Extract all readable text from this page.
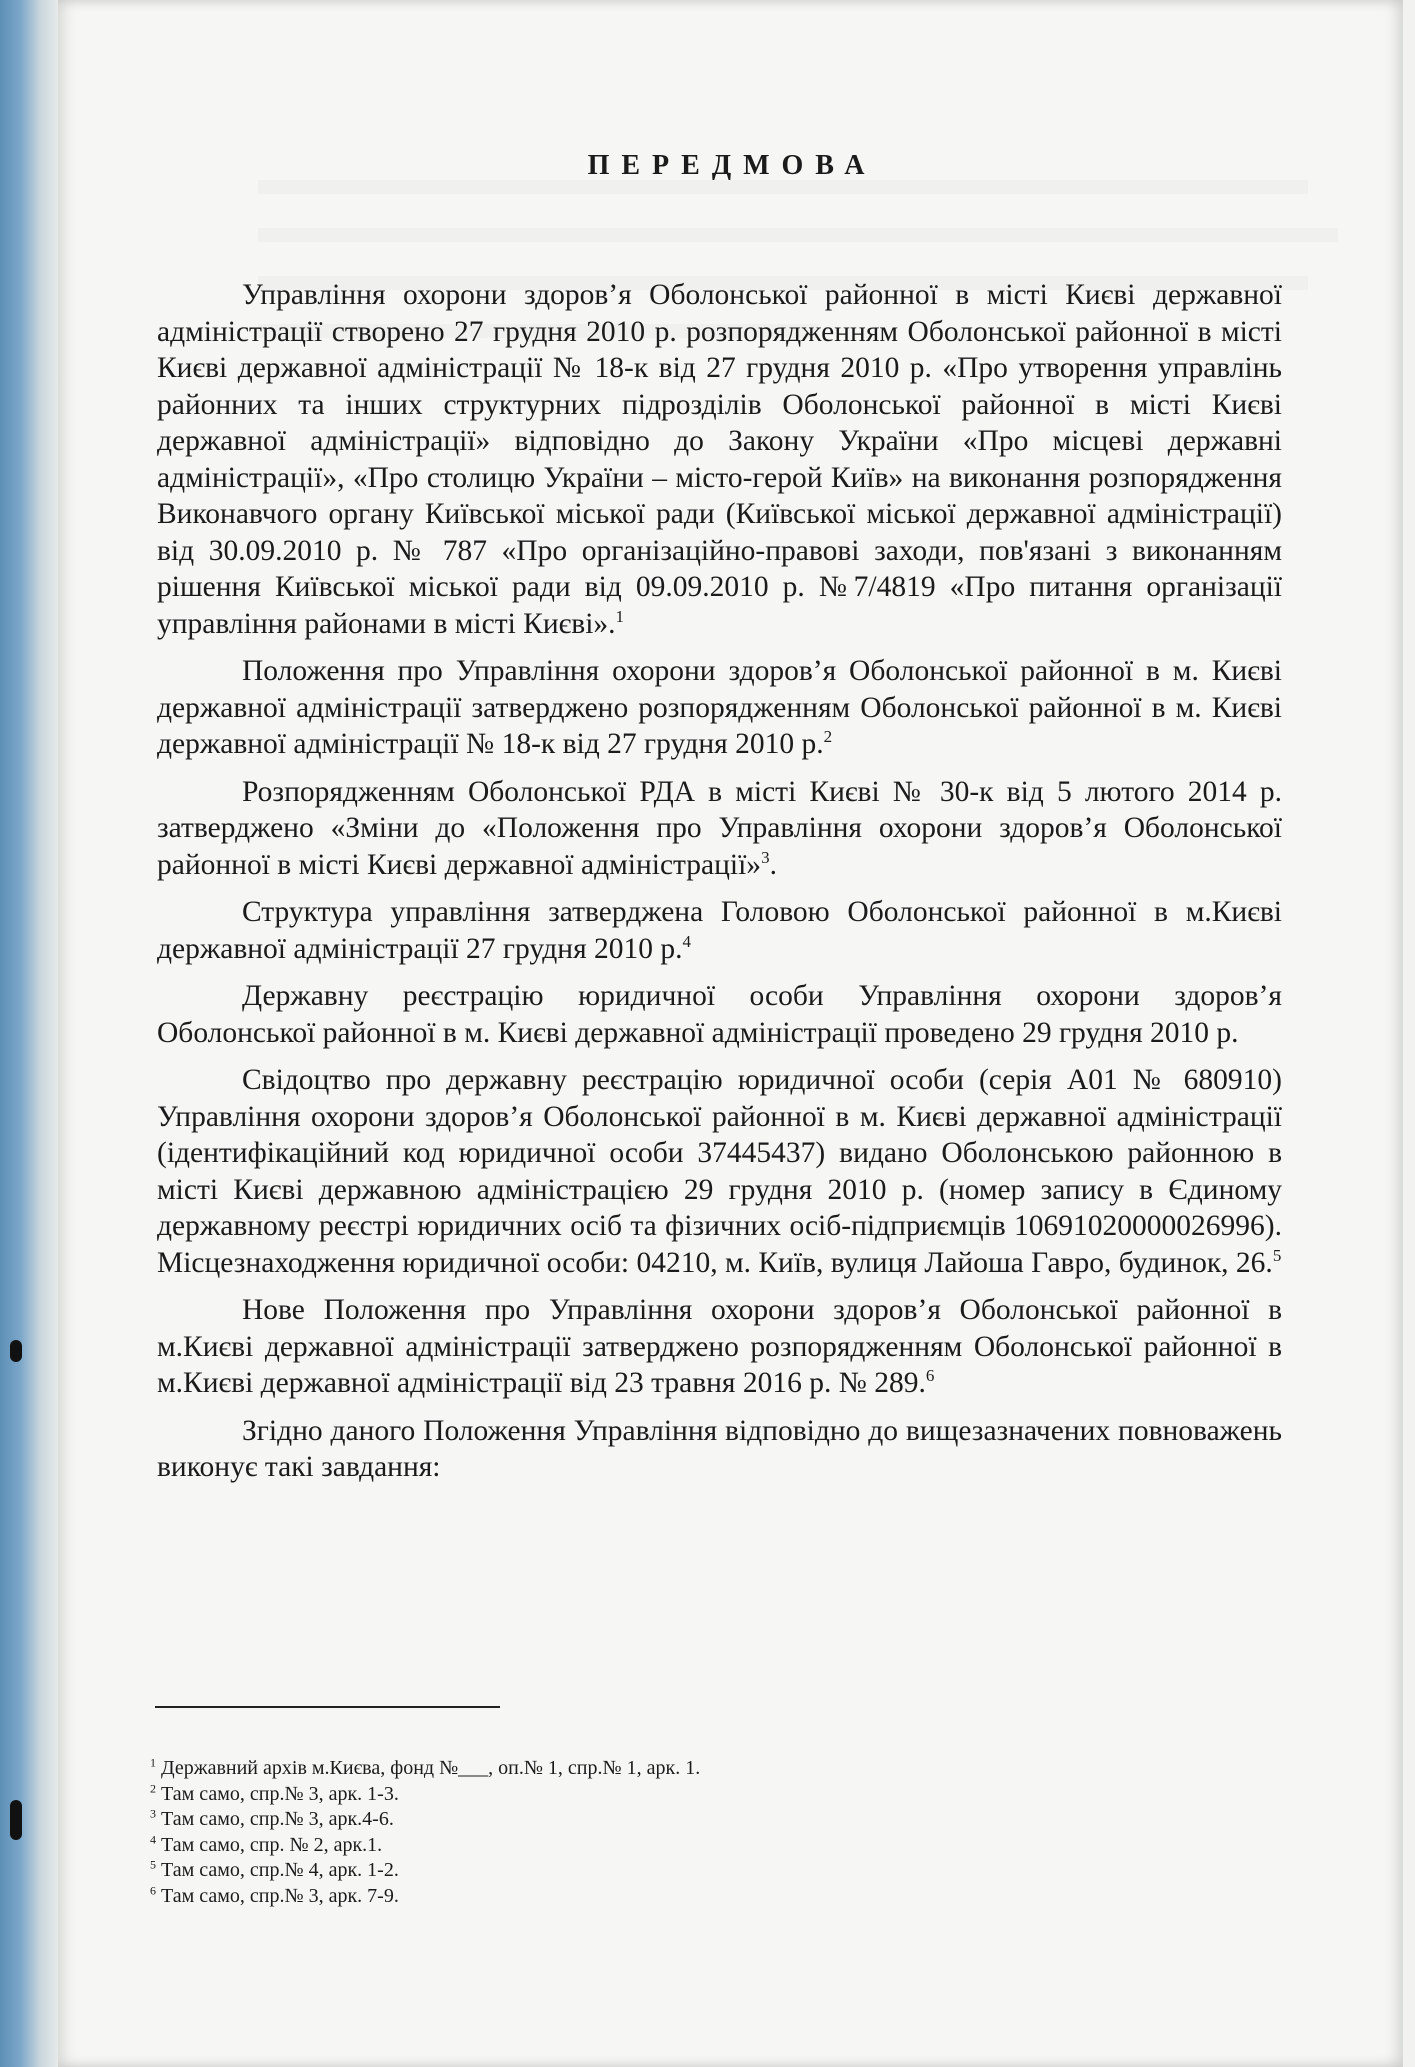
ПЕРЕДМОВА

Управління охорони здоров’я Оболонської районної в місті Києві державної адміністрації створено 27 грудня 2010 р. розпорядженням Оболонської районної в місті Києві державної адміністрації № 18-к від 27 грудня 2010 р. «Про утворення управлінь районних та інших структурних підрозділів Оболонської районної в місті Києві державної адміністрації» відповідно до Закону України «Про місцеві державні адміністрації», «Про столицю України – місто-герой Київ» на виконання розпорядження Виконавчого органу Київської міської ради (Київської міської державної адміністрації) від 30.09.2010 р. № 787 «Про організаційно-правові заходи, пов'язані з виконанням рішення Київської міської ради від 09.09.2010 р. №7/4819 «Про питання організації управління районами в місті Києві».$^1$

Положення про Управління охорони здоров’я Оболонської районної в м. Києві державної адміністрації затверджено розпорядженням Оболонської районної в м. Києві державної адміністрації № 18-к від 27 грудня 2010 р.$^2$

Розпорядженням Оболонської РДА в місті Києві № 30-к від 5 лютого 2014 р. затверджено «Зміни до «Положення про Управління охорони здоров’я Оболонської районної в місті Києві державної адміністрації»$^3$.

Структура управління затверджена Головою Оболонської районної в м.Києві державної адміністрації 27 грудня 2010 р.$^4$

Державну реєстрацію юридичної особи Управління охорони здоров’я Оболонської районної в м. Києві державної адміністрації проведено 29 грудня 2010 р.

Свідоцтво про державну реєстрацію юридичної особи (серія А01 № 680910) Управління охорони здоров’я Оболонської районної в м. Києві державної адміністрації (ідентифікаційний код юридичної особи 37445437) видано Оболонською районною в місті Києві державною адміністрацією 29 грудня 2010 р. (номер запису в Єдиному державному реєстрі юридичних осіб та фізичних осіб-підприємців 10691020000026996). Місцезнаходження юридичної особи: 04210, м. Київ, вулиця Лайоша Гавро, будинок, 26.$^5$

Нове Положення про Управління охорони здоров’я Оболонської районної в м.Києві державної адміністрації затверджено розпорядженням Оболонської районної в м.Києві державної адміністрації від 23 травня 2016 р. № 289.$^6$

Згідно даного Положення Управління відповідно до вищезазначених повноважень виконує такі завдання:

$^1$ Державний архів м.Києва, фонд №___, оп.№ 1, спр.№ 1, арк. 1.
$^2$ Там само, спр.№ 3, арк. 1-3.
$^3$ Там само, спр.№ 3, арк.4-6.
$^4$ Там само, спр. № 2, арк.1.
$^5$ Там само, спр.№ 4, арк. 1-2.
$^6$ Там само, спр.№ 3, арк. 7-9.
